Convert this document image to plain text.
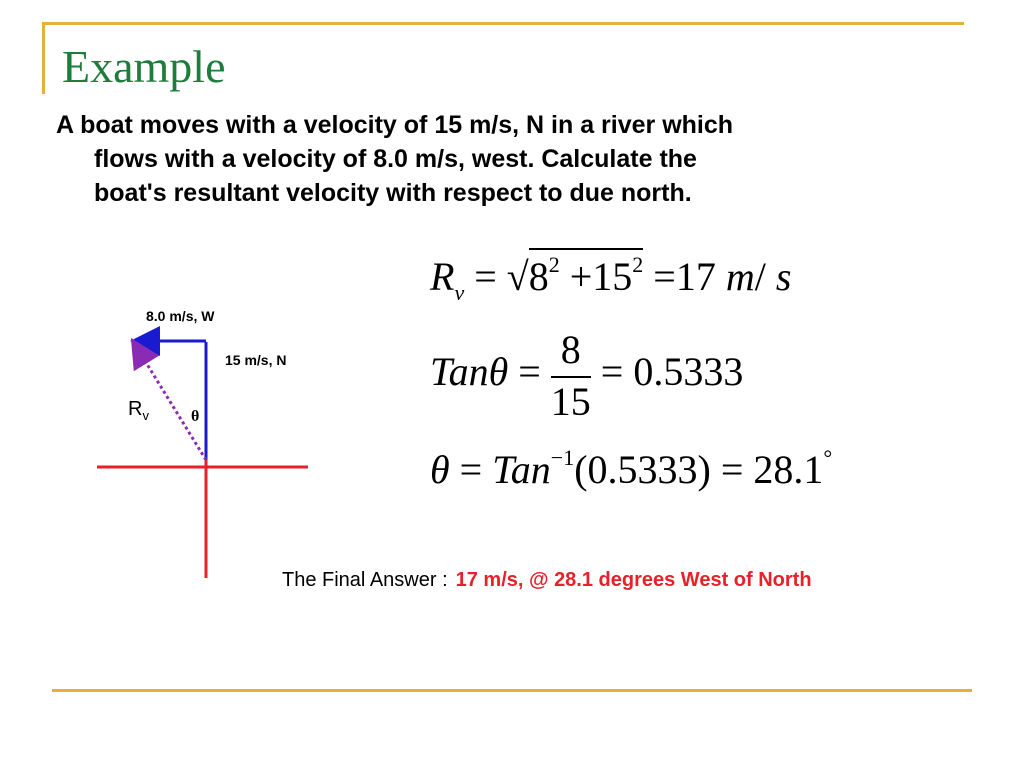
Example
A boat moves with a velocity of 15 m/s, N in a river which
flows with a velocity of 8.0 m/s, west. Calculate the
boat's resultant velocity with respect to due north.
8.0 m/s, W
15 m/s, N
$R_v$	θ
$R_v = √8^2 +15^2 =17$ m/ s
$Tan\theta = \frac{8}{15} = 0.5333$
θ = Tan$^{-1}$(0.5333) = 28.1°
The Final Answer : 17 m/s, @ 28.1 degrees West of North
